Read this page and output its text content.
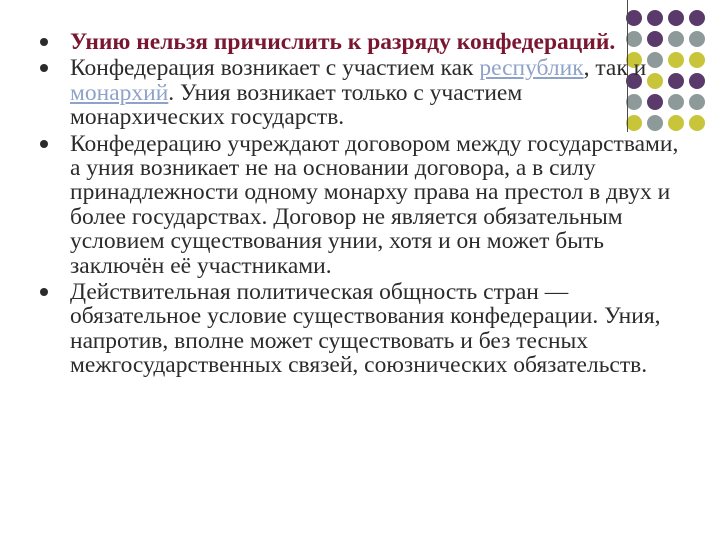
Унию нельзя причислить к разряду конфедераций.
Конфедерация возникает с участием как республик, так и монархий. Уния возникает только с участием монархических государств.
Конфедерацию учреждают договором между государствами, а уния возникает не на основании договора, а в силу принадлежности одному монарху права на престол в двух и более государствах. Договор не является обязательным условием существования унии, хотя и он может быть заключён её участниками.
Действительная политическая общность стран — обязательное условие существования конфедерации. Уния, напротив, вполне может существовать и без тесных межгосударственных связей, союзнических обязательств.
